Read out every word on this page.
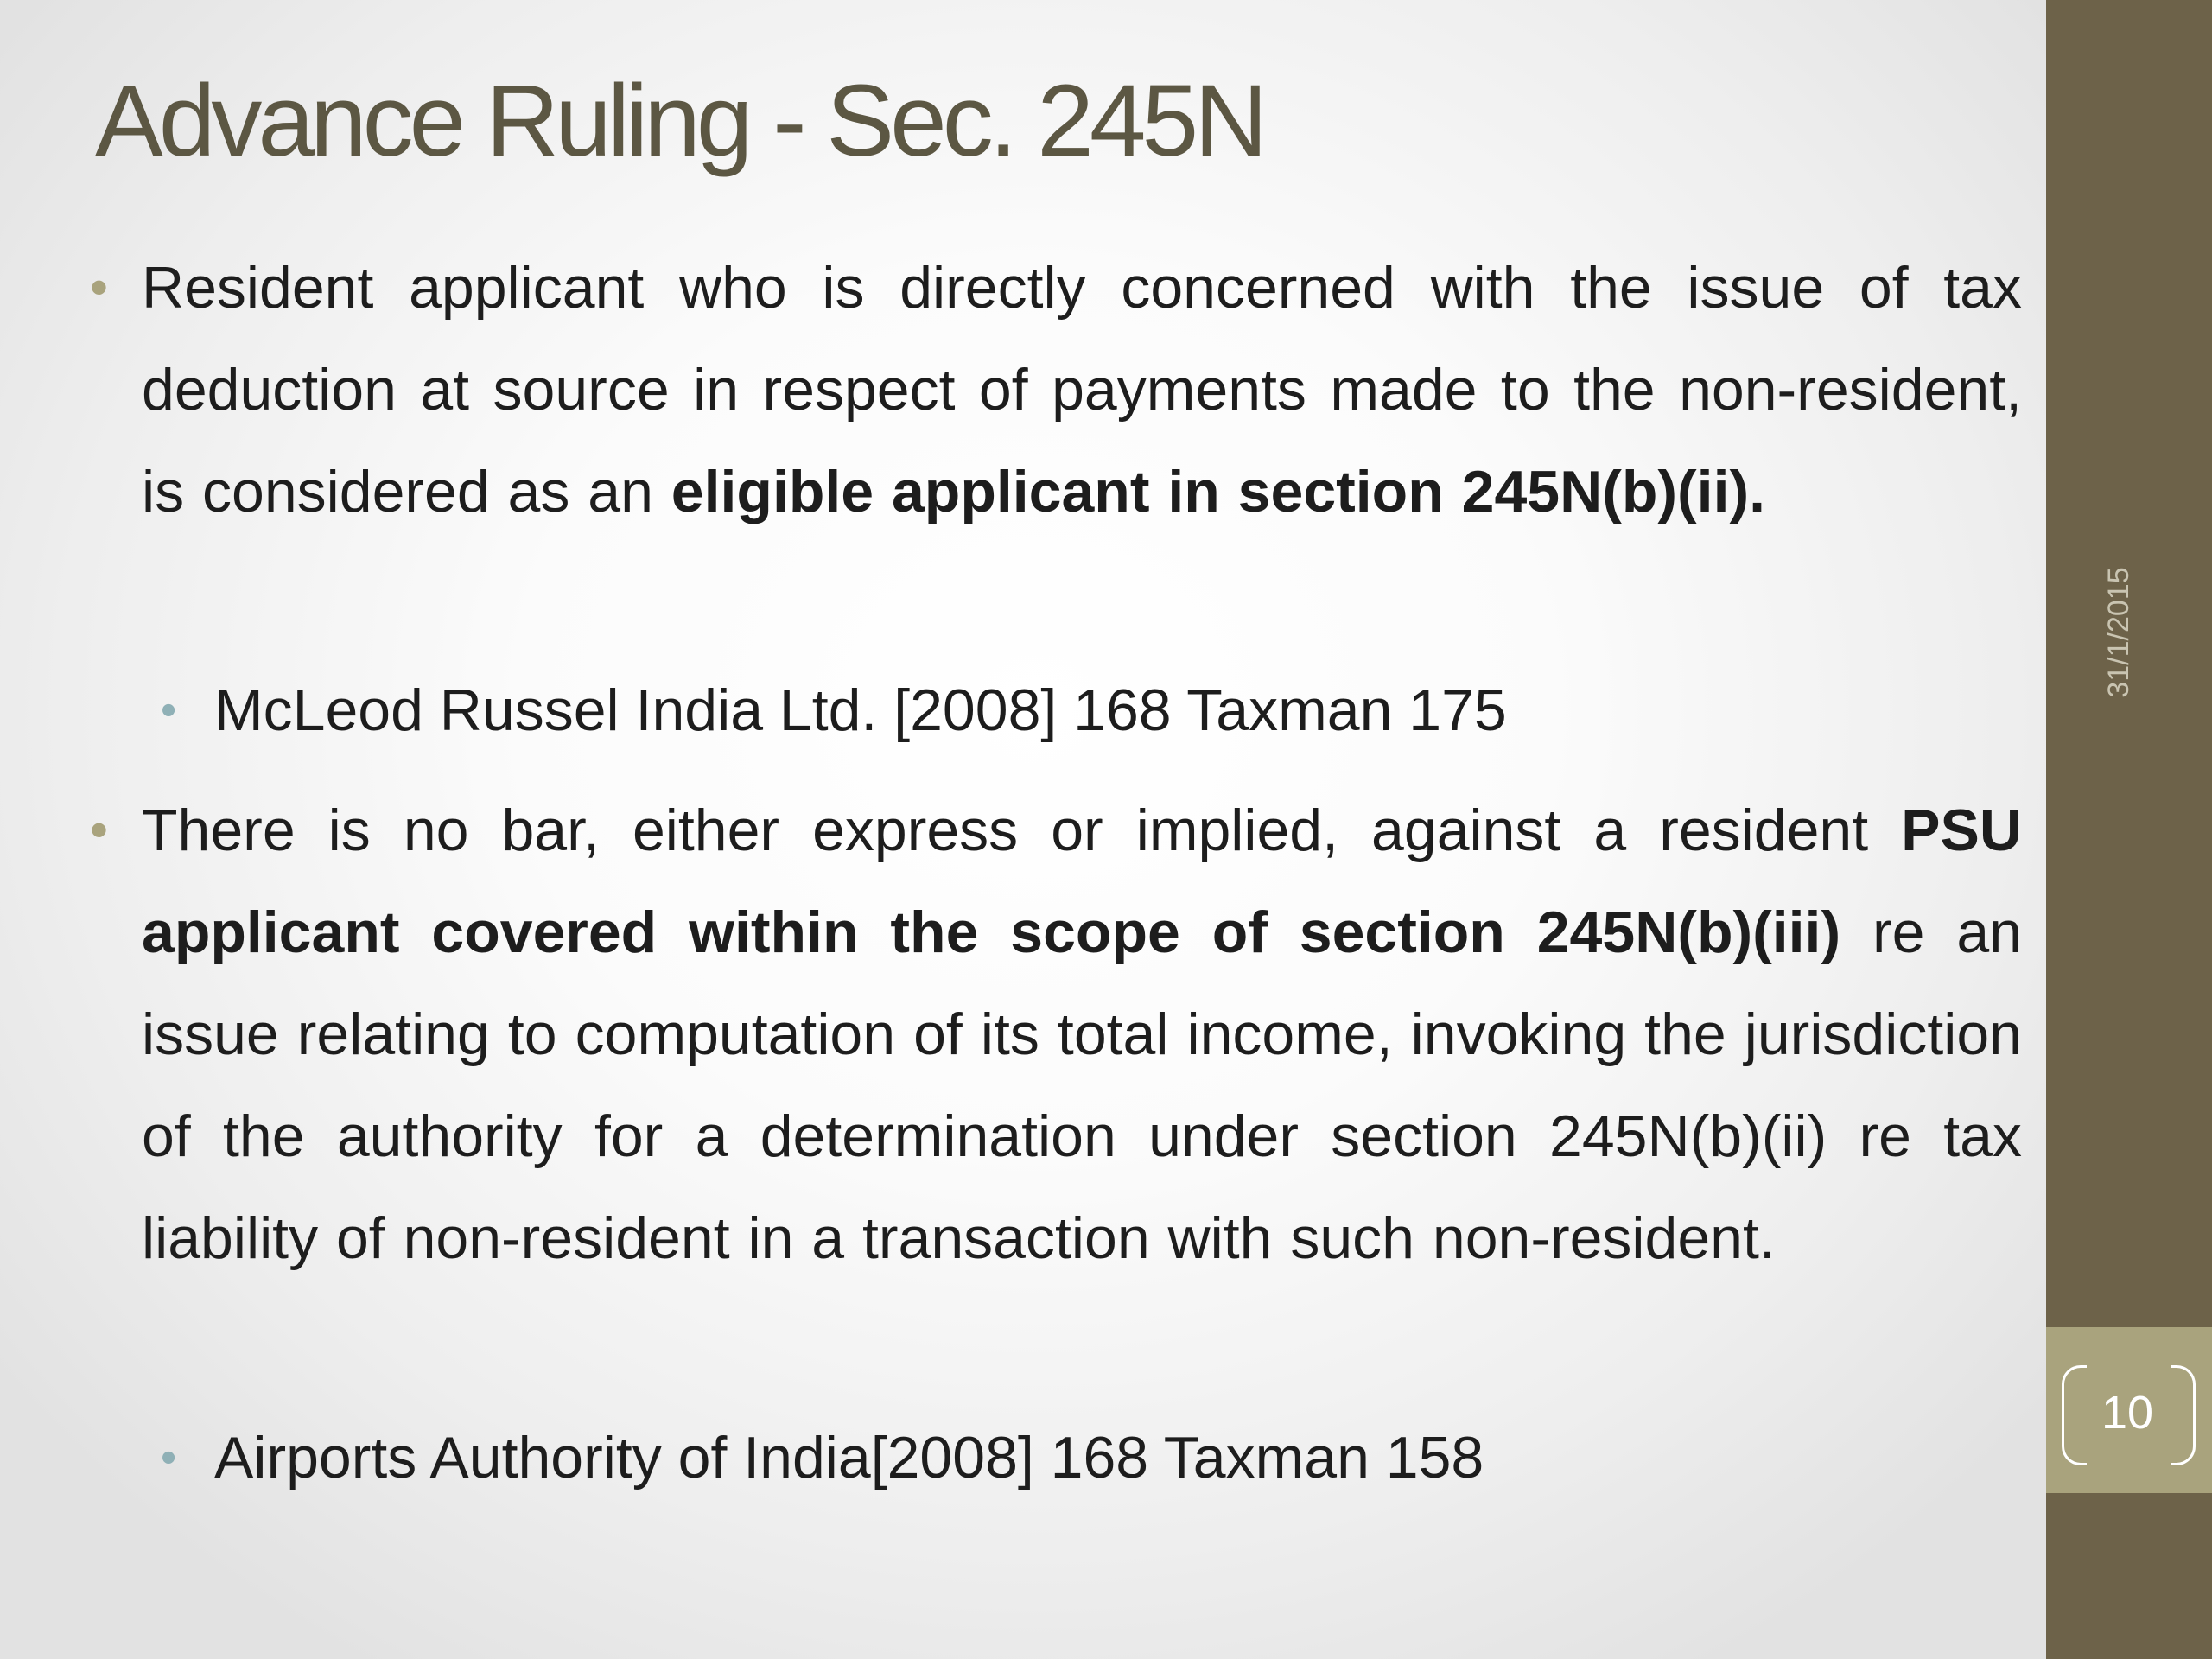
31/1/2015
10
Advance Ruling - Sec. 245N
• Resident applicant who is directly concerned with the issue of tax deduction at source in respect of payments made to the non-resident, is considered as an eligible applicant in section 245N(b)(ii).
• McLeod Russel India Ltd. [2008] 168 Taxman 175
• There is no bar, either express or implied, against a resident PSU applicant covered within the scope of section 245N(b)(iii) re an issue relating to computation of its total income, invoking the jurisdiction of the authority for a determination under section 245N(b)(ii) re tax liability of non-resident in a transaction with such non-resident.
• Airports Authority of India[2008] 168 Taxman 158
